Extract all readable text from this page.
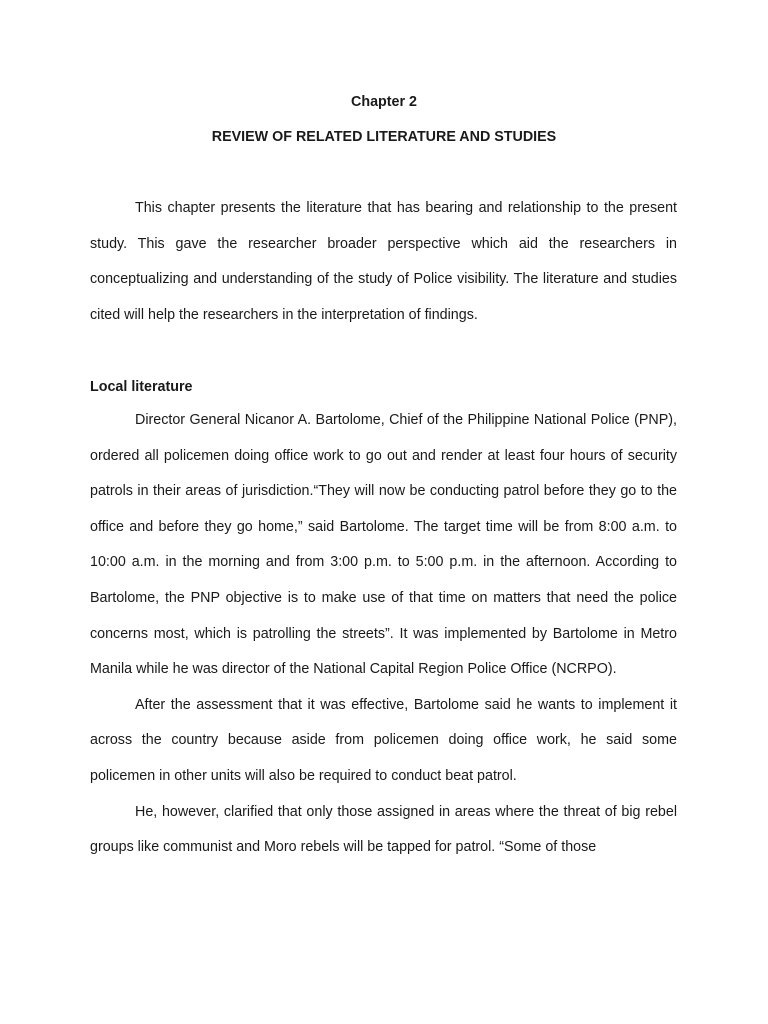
Chapter 2
REVIEW OF RELATED LITERATURE AND STUDIES

This chapter presents the literature that has bearing and relationship to the present study. This gave the researcher broader perspective which aid the researchers in conceptualizing and understanding of the study of Police visibility. The literature and studies cited will help the researchers in the interpretation of findings.

Local literature

Director General Nicanor A. Bartolome, Chief of the Philippine National Police (PNP), ordered all policemen doing office work to go out and render at least four hours of security patrols in their areas of jurisdiction.“They will now be conducting patrol before they go to the office and before they go home,” said Bartolome. The target time will be from 8:00 a.m. to 10:00 a.m. in the morning and from 3:00 p.m. to 5:00 p.m. in the afternoon. According to Bartolome, the PNP objective is to make use of that time on matters that need the police concerns most, which is patrolling the streets”. It was implemented by Bartolome in Metro Manila while he was director of the National Capital Region Police Office (NCRPO).

After the assessment that it was effective, Bartolome said he wants to implement it across the country because aside from policemen doing office work, he said some policemen in other units will also be required to conduct beat patrol.

He, however, clarified that only those assigned in areas where the threat of big rebel groups like communist and Moro rebels will be tapped for patrol. “Some of those
